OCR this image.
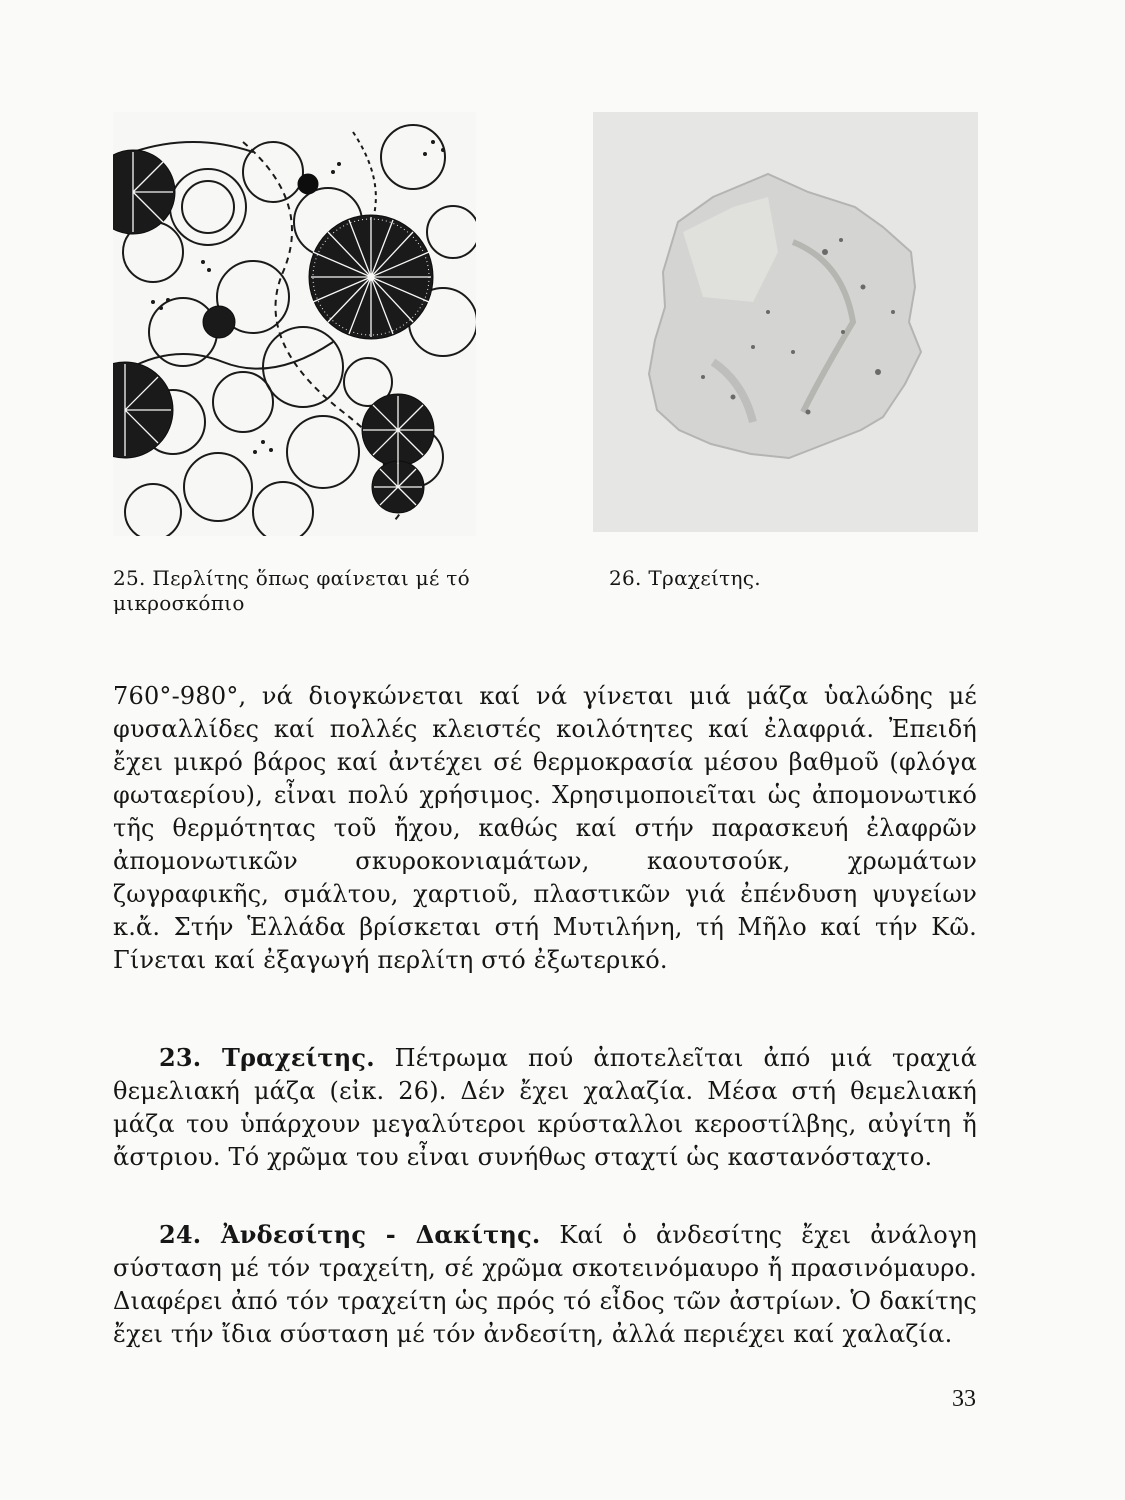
25. Περλίτης ὅπως φαίνεται μέ τό μικροσκόπιο
26. Τραχείτης.
760°-980°, νά διογκώνεται καί νά γίνεται μιά μάζα ὑαλώδης μέ φυσαλλίδες καί πολλές κλειστές κοιλότητες καί ἐλαφριά. Ἐπειδή ἔχει μικρό βάρος καί ἀντέχει σέ θερμοκρασία μέσου βαθμοῦ (φλόγα φωταερίου), εἶναι πολύ χρήσιμος. Χρησιμοποιεῖται ὡς ἀπομονωτικό τῆς θερμότητας τοῦ ἤχου, καθώς καί στήν παρασκευή ἐλαφρῶν ἀπομονωτικῶν σκυροκονιαμάτων, καουτσούκ, χρωμάτων ζωγραφικῆς, σμάλτου, χαρτιοῦ, πλαστικῶν γιά ἐπένδυση ψυγείων κ.ἄ. Στήν Ἑλλάδα βρίσκεται στή Μυτιλήνη, τή Μῆλο καί τήν Κῶ. Γίνεται καί ἐξαγωγή περλίτη στό ἐξωτερικό.
23. Τραχείτης. Πέτρωμα πού ἀποτελεῖται ἀπό μιά τραχιά θεμελιακή μάζα (εἰκ. 26). Δέν ἔχει χαλαζία. Μέσα στή θεμελιακή μάζα του ὑπάρχουν μεγαλύτεροι κρύσταλλοι κεροστίλβης, αὐγίτη ἤ ἄστριου. Τό χρῶμα του εἶναι συνήθως σταχτί ὡς καστανόσταχτο.
24. Ἀνδεσίτης - Δακίτης. Καί ὁ ἀνδεσίτης ἔχει ἀνάλογη σύσταση μέ τόν τραχείτη, σέ χρῶμα σκοτεινόμαυρο ἤ πρασινόμαυρο. Διαφέρει ἀπό τόν τραχείτη ὡς πρός τό εἶδος τῶν ἀστρίων. Ὁ δακίτης ἔχει τήν ἴδια σύσταση μέ τόν ἀνδεσίτη, ἀλλά περιέχει καί χαλαζία.
33
